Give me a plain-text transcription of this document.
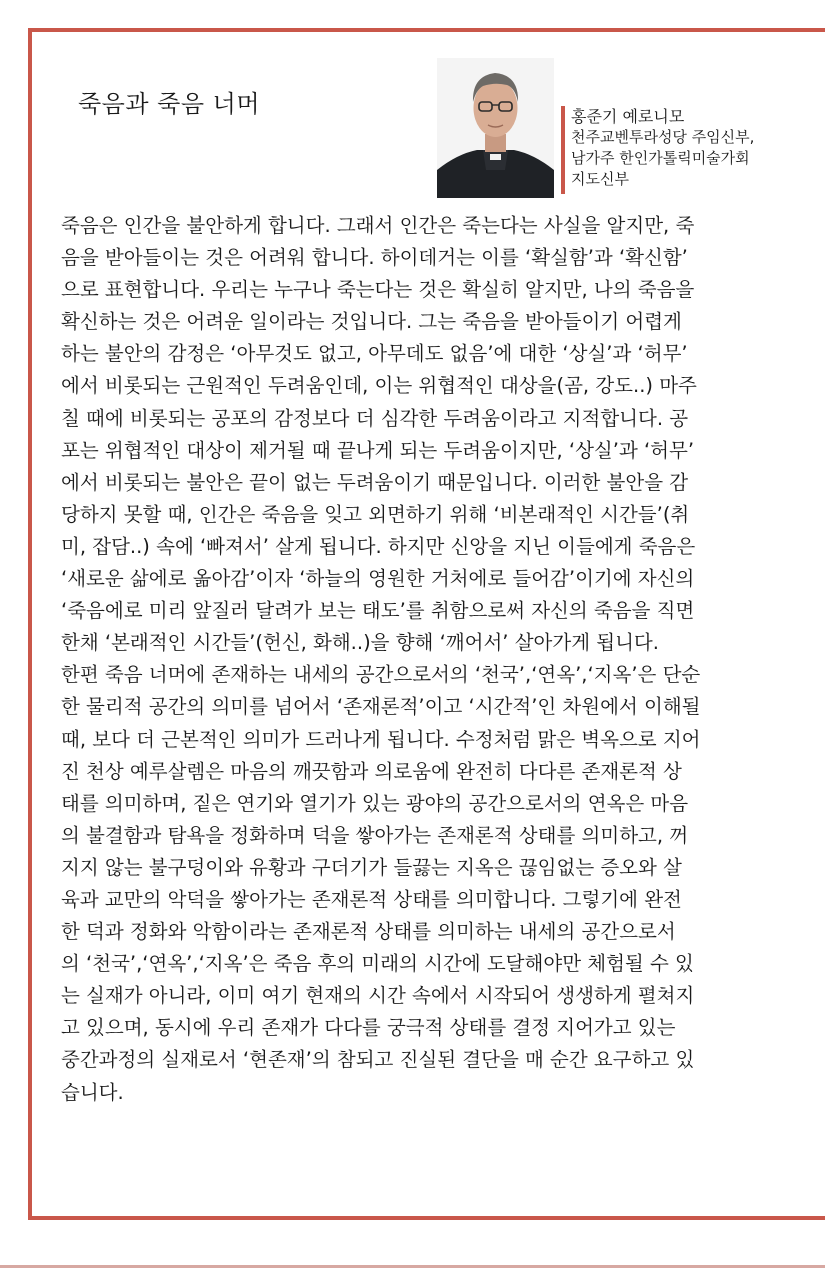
죽음과 죽음 너머	홍준기 예로니모
천주교벤투라성당 주임신부,
남가주 한인가톨릭미술가회
지도신부
죽음은 인간을 불안하게 합니다. 그래서 인간은 죽는다는 사실을 알지만, 죽
음을 받아들이는 것은 어려워 합니다. 하이데거는 이를 ‘확실함’과 ‘확신함’
으로 표현합니다. 우리는 누구나 죽는다는 것은 확실히 알지만, 나의 죽음을
확신하는 것은 어려운 일이라는 것입니다. 그는 죽음을 받아들이기 어렵게
하는 불안의 감정은 ‘아무것도 없고, 아무데도 없음’에 대한 ‘상실’과 ‘허무’
에서 비롯되는 근원적인 두려움인데, 이는 위협적인 대상을(곰, 강도..) 마주
칠 때에 비롯되는 공포의 감정보다 더 심각한 두려움이라고 지적합니다. 공
포는 위협적인 대상이 제거될 때 끝나게 되는 두려움이지만, ‘상실’과 ‘허무’
에서 비롯되는 불안은 끝이 없는 두려움이기 때문입니다. 이러한 불안을 감
당하지 못할 때, 인간은 죽음을 잊고 외면하기 위해 ‘비본래적인 시간들’(취
미, 잡담..) 속에 ‘빠져서’ 살게 됩니다. 하지만 신앙을 지닌 이들에게 죽음은
‘새로운 삶에로 옮아감’이자 ‘하늘의 영원한 거처에로 들어감’이기에 자신의
‘죽음에로 미리 앞질러 달려가 보는 태도’를 취함으로써 자신의 죽음을 직면
한채 ‘본래적인 시간들’(헌신, 화해..)을 향해 ‘깨어서’ 살아가게 됩니다.
한편 죽음 너머에 존재하는 내세의 공간으로서의 ‘천국’,‘연옥’,‘지옥’은 단순
한 물리적 공간의 의미를 넘어서 ‘존재론적’이고 ‘시간적’인 차원에서 이해될
때, 보다 더 근본적인 의미가 드러나게 됩니다. 수정처럼 맑은 벽옥으로 지어
진 천상 예루살렘은 마음의 깨끗함과 의로움에 완전히 다다른 존재론적 상
태를 의미하며, 짙은 연기와 열기가 있는 광야의 공간으로서의 연옥은 마음
의 불결함과 탐욕을 정화하며 덕을 쌓아가는 존재론적 상태를 의미하고, 꺼
지지 않는 불구덩이와 유황과 구더기가 들끓는 지옥은 끊임없는 증오와 살
육과 교만의 악덕을 쌓아가는 존재론적 상태를 의미합니다. 그렇기에 완전
한 덕과 정화와 악함이라는 존재론적 상태를 의미하는 내세의 공간으로서
의 ‘천국’,‘연옥’,‘지옥’은 죽음 후의 미래의 시간에 도달해야만 체험될 수 있
는 실재가 아니라, 이미 여기 현재의 시간 속에서 시작되어 생생하게 펼쳐지
고 있으며, 동시에 우리 존재가 다다를 궁극적 상태를 결정 지어가고 있는
중간과정의 실재로서 ‘현존재’의 참되고 진실된 결단을 매 순간 요구하고 있
습니다.
